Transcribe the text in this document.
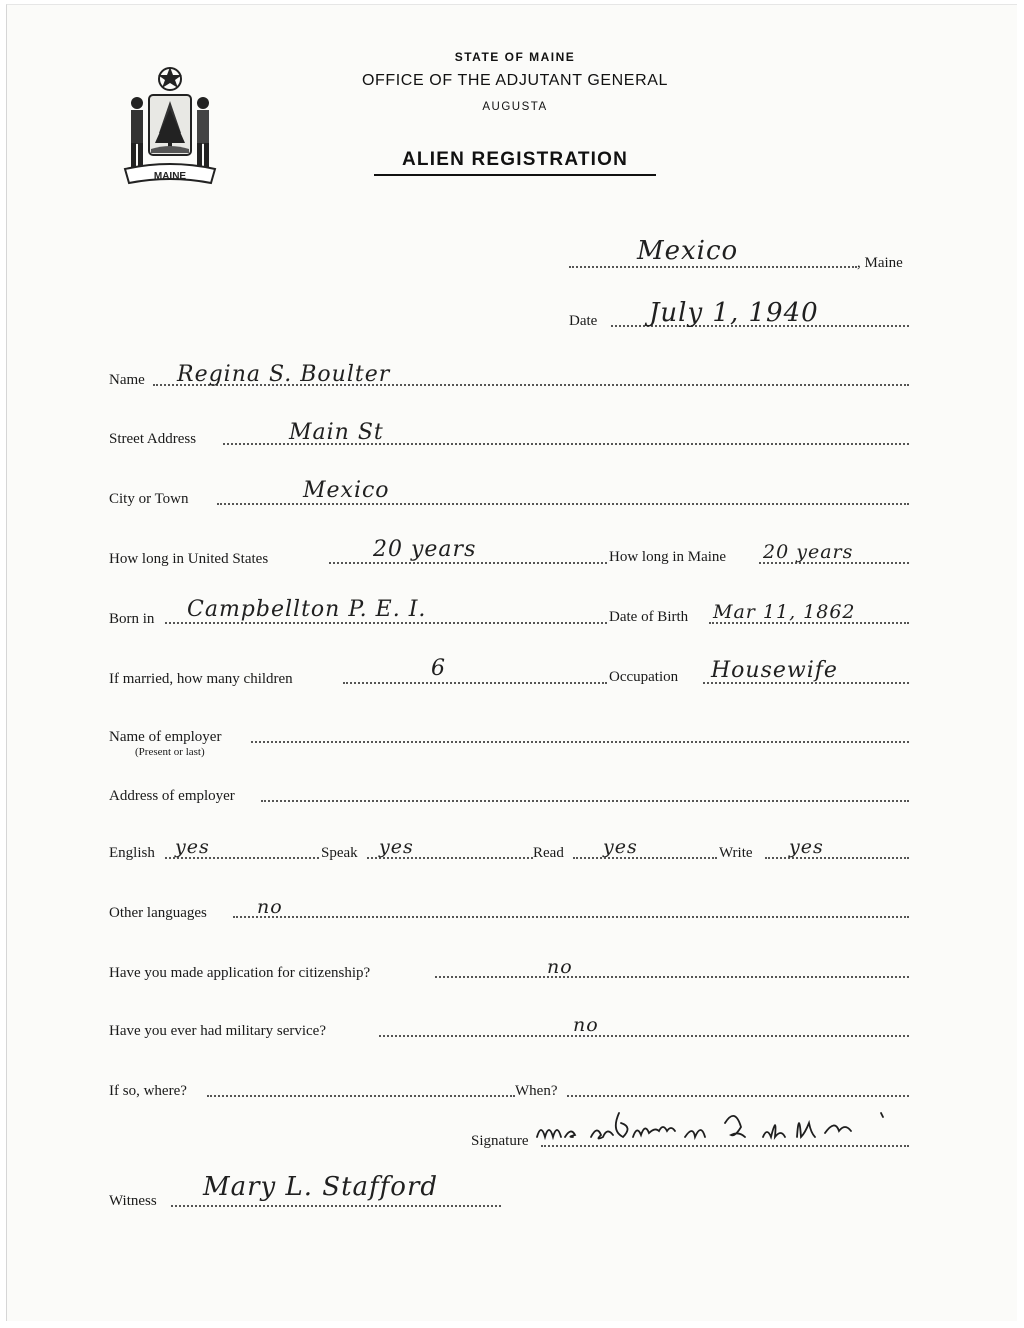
MAINE
STATE OF MAINE
OFFICE OF THE ADJUTANT GENERAL
AUGUSTA
ALIEN REGISTRATION
Mexico	, Maine
Date July 1, 1940
Name Regina S. Boulter
Street Address	Main St
City or Town	Mexico
How long in United States	20 years	How long in Maine 20 years
Born in Campbellton P. E. I.	Date of Birth Mar 11, 1862
If married, how many children	6	Occupation Housewife
Name of employer
(Present or last)
Address of employer
English yes	Speak yes	Read yes	Write yes
Other languages	no
Have you made application for citizenship?	no
Have you ever had military service?	no
If so, where?	When?
Signature
Witness Mary L. Stafford
